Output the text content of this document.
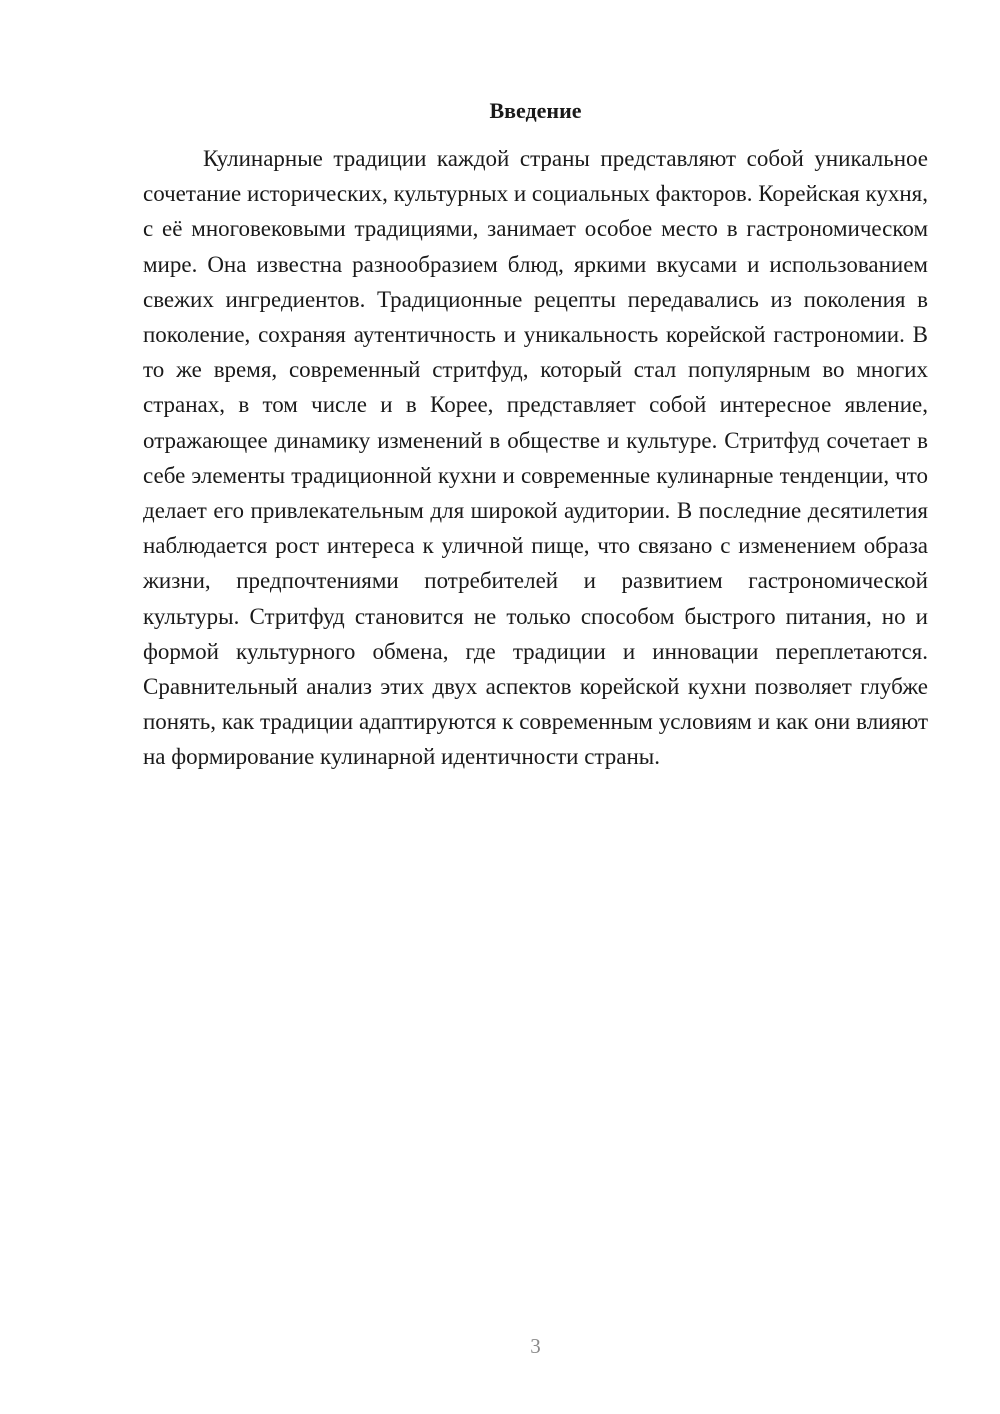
Введение

Кулинарные традиции каждой страны представляют собой уникальное сочетание исторических, культурных и социальных факторов. Корейская кухня, с её многовековыми традициями, занимает особое место в гастрономическом мире. Она известна разнообразием блюд, яркими вкусами и использованием свежих ингредиентов. Традиционные рецепты передавались из поколения в поколение, сохраняя аутентичность и уникальность корейской гастрономии. В то же время, современный стритфуд, который стал популярным во многих странах, в том числе и в Корее, представляет собой интересное явление, отражающее динамику изменений в обществе и культуре. Стритфуд сочетает в себе элементы традиционной кухни и современные кулинарные тенденции, что делает его привлекательным для широкой аудитории. В последние десятилетия наблюдается рост интереса к уличной пище, что связано с изменением образа жизни, предпочтениями потребителей и развитием гастрономической культуры. Стритфуд становится не только способом быстрого питания, но и формой культурного обмена, где традиции и инновации переплетаются. Сравнительный анализ этих двух аспектов корейской кухни позволяет глубже понять, как традиции адаптируются к современным условиям и как они влияют на формирование кулинарной идентичности страны.

3
